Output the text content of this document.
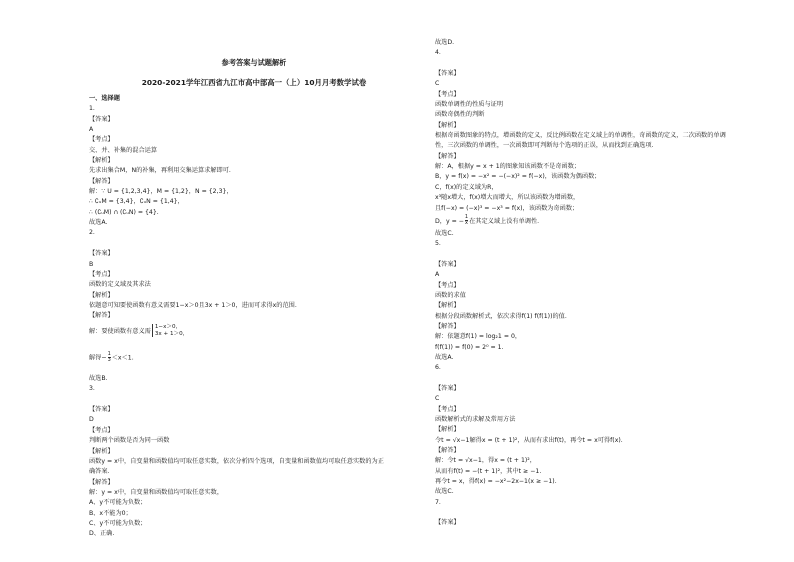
参考答案与试题解析
2020-2021学年江西省九江市高中部高一（上）10月月考数学试卷
一、选择题
1.
【答案】
A
【考点】
交、并、补集的混合运算
【解析】
先求出集合M，N的补集，再利用交集运算求解即可.
【解答】
解：∵ U = {1,2,3,4}，M = {1,2}，N = {2,3}，
∴ ∁ᵤM = {3,4}，∁ᵤN = {1,4}，
∴ (∁ᵤM) ∩ (∁ᵤN) = {4}.
故选A.
2.
【答案】
B
【考点】
函数的定义域及其求法
【解析】
依题意可知要使函数有意义需要1−x＞0且3x + 1＞0，进而可求得x的范围.
【解答】
解：要使函数有意义需
1−x＞0，
3x + 1＞0，
解得− $\frac{1}{3} <x<1$.
故选B.
3.
【答案】
D
【考点】
判断两个函数是否为同一函数
【解析】
函数y = x中，自变量和函数值均可取任意实数，依次分析四个选项，自变量和函数值均可取任意实数的为正
确答案.
【解答】
解：y = x中，自变量和函数值均可取任意实数，
A、y不可能为负数；
B、x不能为0；
C、y不可能为负数；
D、正确.
故选D.
4.
【答案】
C
【考点】
函数单调性的性质与证明
函数奇偶性的判断
【解析】
根据奇函数图象的特点，增函数的定义，反比例函数在定义域上的单调性，奇函数的定义，二次函数的单调
性，三次函数的单调性，一次函数即可判断每个选项的正误，从而找到正确选项.
【解答】
解：A，根据y = x + 1的图象知该函数不是奇函数；
B，y = f(x) = −x² = −(−x)² = f(−x)，该函数为偶函数；
C，f(x)的定义域为R，
x³随x增大，f(x)增大而增大，所以该函数为增函数，
且f(−x) = (−x)³ = −x³ = f(x)，该函数为奇函数；
D，y = − $\frac{1}{x}$ 在其定义域上没有单调性.
故选C.
5.
【答案】
A
【考点】
函数的求值
【解析】
根据分段函数解析式，依次求得f(1) f(f(1))的值.
【解答】
解：依题意f(1) = log₂1 = 0，
f(f(1)) = f(0) = 2⁰ = 1.
故选A.
6.
【答案】
C
【考点】
函数解析式的求解及常用方法
【解析】
令t = √x−1解得x = (t + 1)²，从而有求出f(t)，再令t = x可得f(x).
【解答】
解：令t = √x−1，得x = (t + 1)²，
从而有f(t) = −(t + 1)²，其中t ≥ −1.
再令t = x，得f(x) = −x²−2x−1(x ≥ −1).
故选C.
7.
【答案】
